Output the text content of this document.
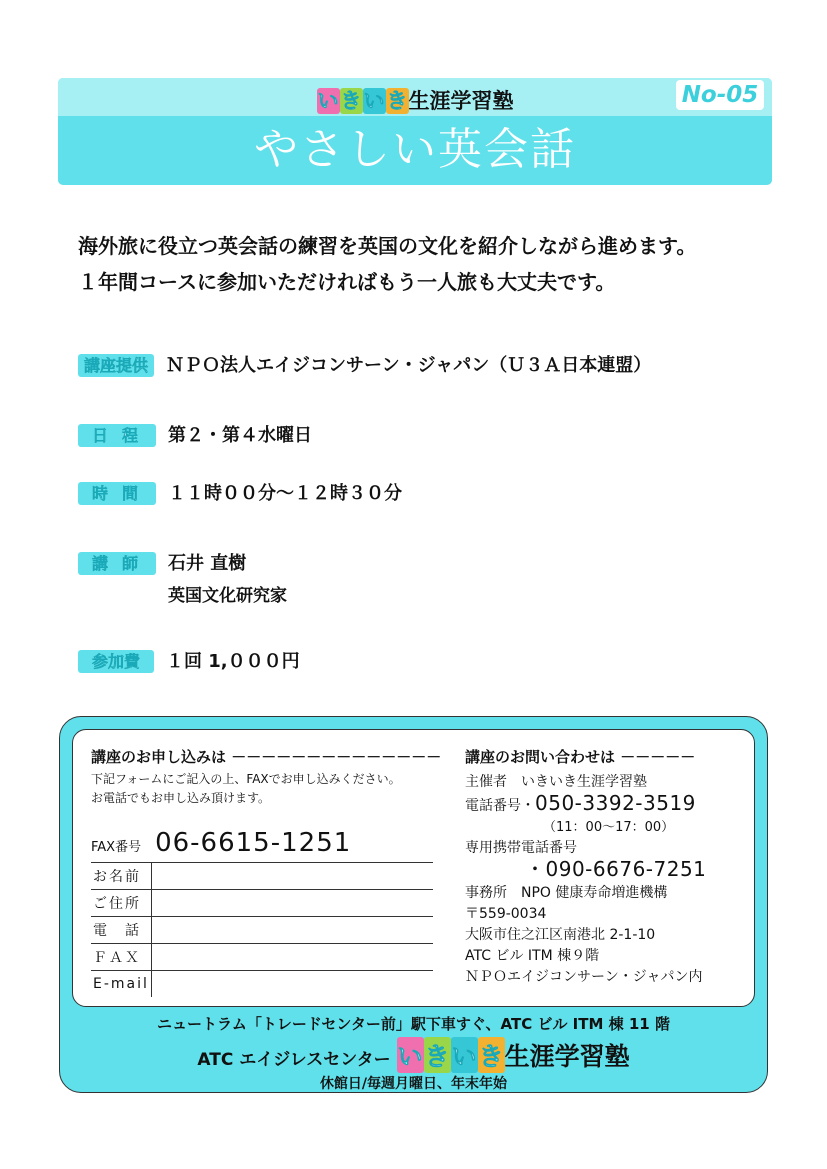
いきいき生涯学習塾	No-05
やさしい英会話
海外旅に役立つ英会話の練習を英国の文化を紹介しながら進めます。
１年間コースに参加いただければもう一人旅も大丈夫です。
講座提供	ＮＰＯ法人エイジコンサーン・ジャパン（Ｕ３Ａ日本連盟）
日程 第２・第４水曜日
時間 １１時００分～１２時３０分
講師 石井 直樹
英国文化研究家
参加費	１回 1,０００円
講座のお申し込みは －－－－－－－－－－－－－－
下記フォームにご記入の上、FAXでお申し込みください。
お電話でもお申し込み頂けます。
FAX番号 06-6615-1251
お名前	
ご住所	
電　話	
ＦＡＸ	
E-mail	
講座のお問い合わせは －－－－－
主催者　いきいき生涯学習塾
電話番号・050-3392-3519
（11：00～17：00）
専用携帯電話番号
・090-6676-7251
事務所　NPO 健康寿命増進機構
〒559-0034
大阪市住之江区南港北 2-1-10
ATC ビル ITM 棟９階
ＮＰＯエイジコンサーン・ジャパン内
ニュートラム「トレードセンター前」駅下車すぐ、ATC ビル ITM 棟 11 階
ATC エイジレスセンター いきいき生涯学習塾
休館日/毎週月曜日、年末年始
